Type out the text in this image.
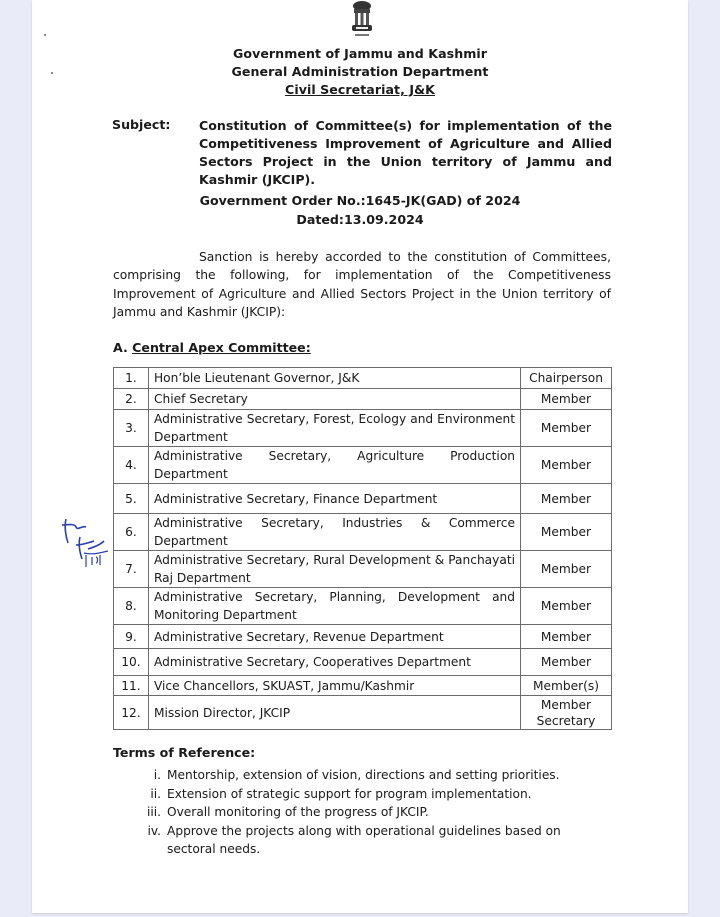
Government of Jammu and Kashmir
General Administration Department
Civil Secretariat, J&K
Subject: Constitution of Committee(s) for implementation of the Competitiveness Improvement of Agriculture and Allied Sectors Project in the Union territory of Jammu and Kashmir (JKCIP).
Government Order No.:1645-JK(GAD) of 2024
Dated:13.09.2024
Sanction is hereby accorded to the constitution of Committees, comprising the following, for implementation of the Competitiveness Improvement of Agriculture and Allied Sectors Project in the Union territory of Jammu and Kashmir (JKCIP):
A. Central Apex Committee:
1.	Hon’ble Lieutenant Governor, J&K	Chairperson
2.	Chief Secretary	Member
3.	Administrative Secretary, Forest, Ecology and Environment Department	Member
4.	Administrative Secretary, Agriculture Production Department	Member
5.	Administrative Secretary, Finance Department	Member
6.	Administrative Secretary, Industries & Commerce Department	Member
7.	Administrative Secretary, Rural Development & Panchayati Raj Department	Member
8.	Administrative Secretary, Planning, Development and Monitoring Department	Member
9.	Administrative Secretary, Revenue Department	Member
10.	Administrative Secretary, Cooperatives Department	Member
11.	Vice Chancellors, SKUAST, Jammu/Kashmir	Member(s)
12.	Mission Director, JKCIP	Member Secretary
Terms of Reference:
i. Mentorship, extension of vision, directions and setting priorities.
ii. Extension of strategic support for program implementation.
iii. Overall monitoring of the progress of JKCIP.
iv. Approve the projects along with operational guidelines based on sectoral needs.
